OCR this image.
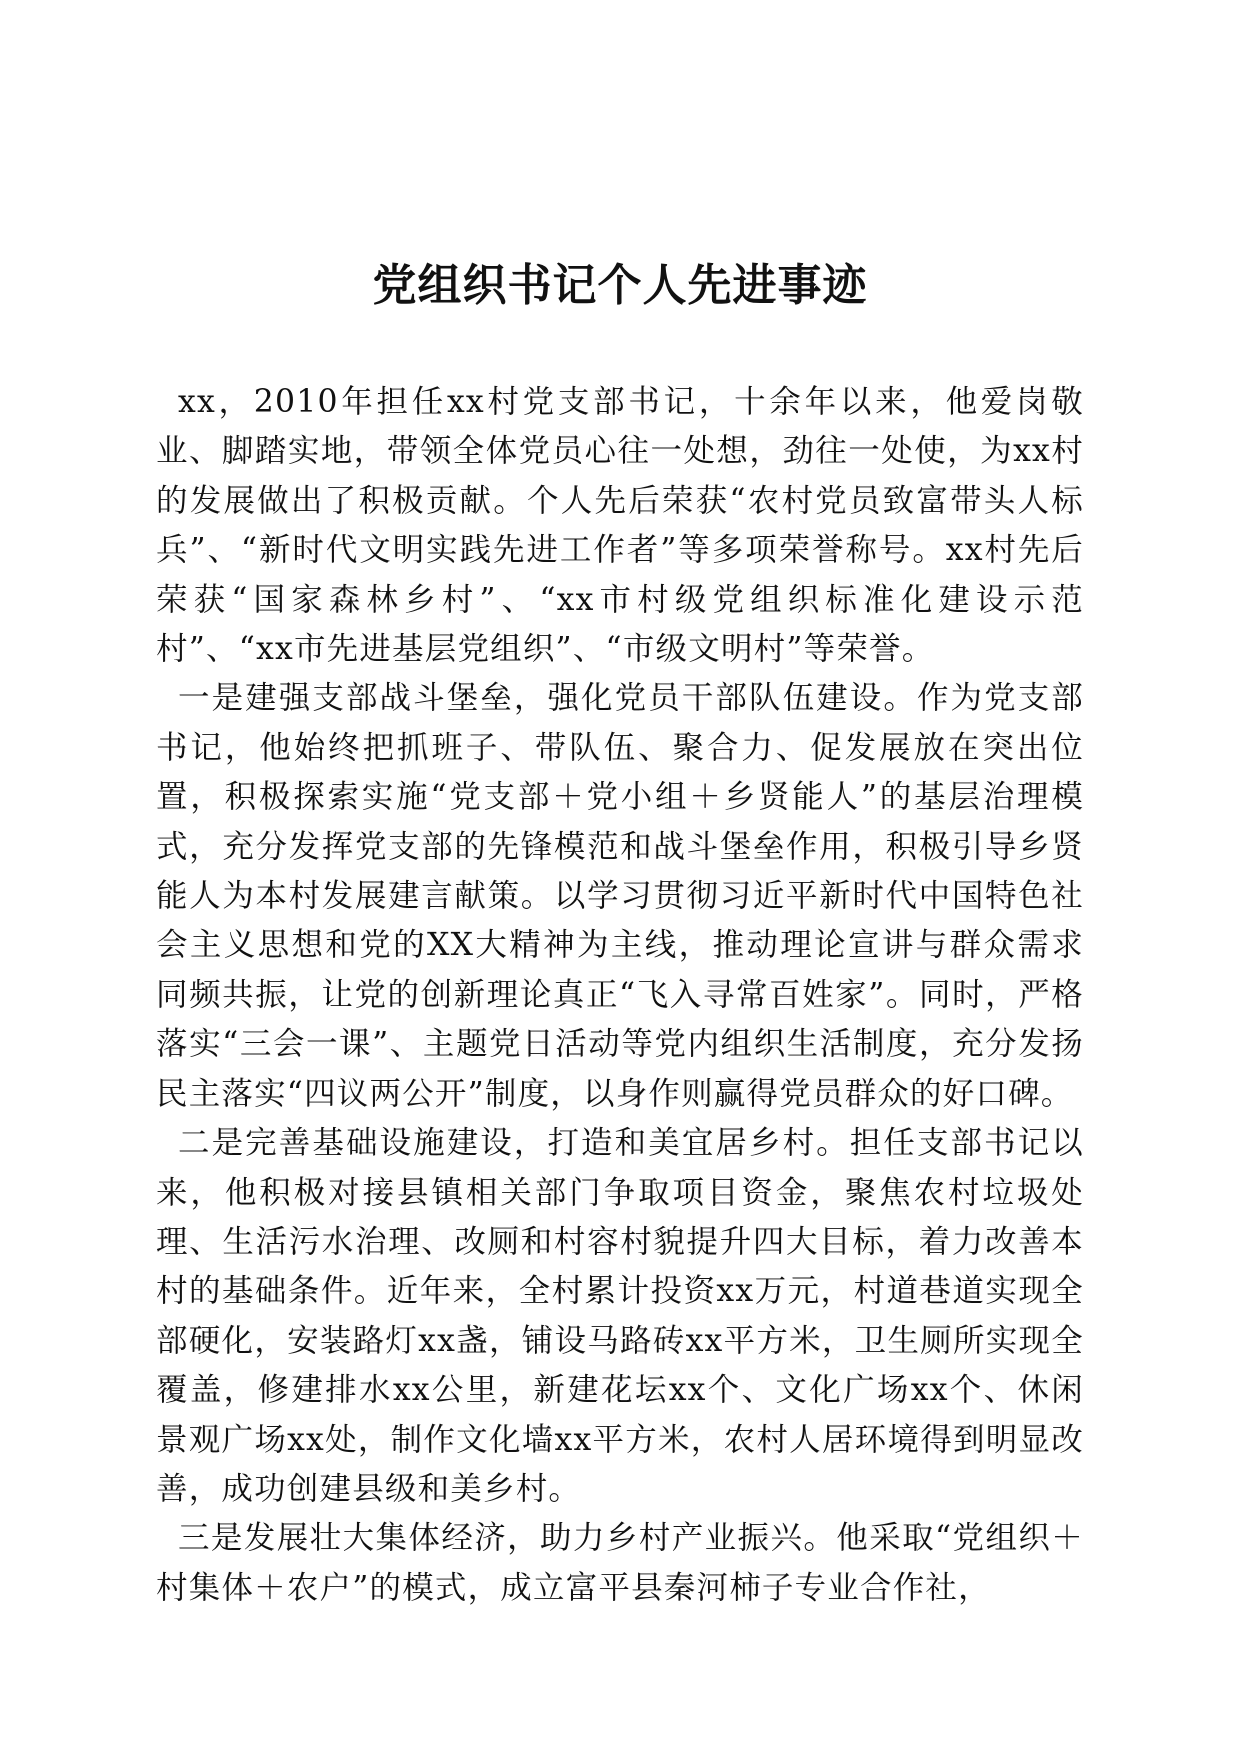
党组织书记个人先进事迹

xx，2010年担任xx村党支部书记，十余年以来，他爱岗敬业、脚踏实地，带领全体党员心往一处想，劲往一处使，为xx村的发展做出了积极贡献。个人先后荣获“农村党员致富带头人标兵”、“新时代文明实践先进工作者”等多项荣誉称号。xx村先后荣获“国家森林乡村”、“xx市村级党组织标准化建设示范村”、“xx市先进基层党组织”、“市级文明村”等荣誉。

一是建强支部战斗堡垒，强化党员干部队伍建设。作为党支部书记，他始终把抓班子、带队伍、聚合力、促发展放在突出位置，积极探索实施“党支部＋党小组＋乡贤能人”的基层治理模式，充分发挥党支部的先锋模范和战斗堡垒作用，积极引导乡贤能人为本村发展建言献策。以学习贯彻习近平新时代中国特色社会主义思想和党的XX大精神为主线，推动理论宣讲与群众需求同频共振，让党的创新理论真正“飞入寻常百姓家”。同时，严格落实“三会一课”、主题党日活动等党内组织生活制度，充分发扬民主落实“四议两公开”制度，以身作则赢得党员群众的好口碑。

二是完善基础设施建设，打造和美宜居乡村。担任支部书记以来，他积极对接县镇相关部门争取项目资金，聚焦农村垃圾处理、生活污水治理、改厕和村容村貌提升四大目标，着力改善本村的基础条件。近年来，全村累计投资xx万元，村道巷道实现全部硬化，安装路灯xx盏，铺设马路砖xx平方米，卫生厕所实现全覆盖，修建排水xx公里，新建花坛xx个、文化广场xx个、休闲景观广场xx处，制作文化墙xx平方米，农村人居环境得到明显改善，成功创建县级和美乡村。

三是发展壮大集体经济，助力乡村产业振兴。他采取“党组织＋村集体＋农户”的模式，成立富平县秦河柿子专业合作社，
